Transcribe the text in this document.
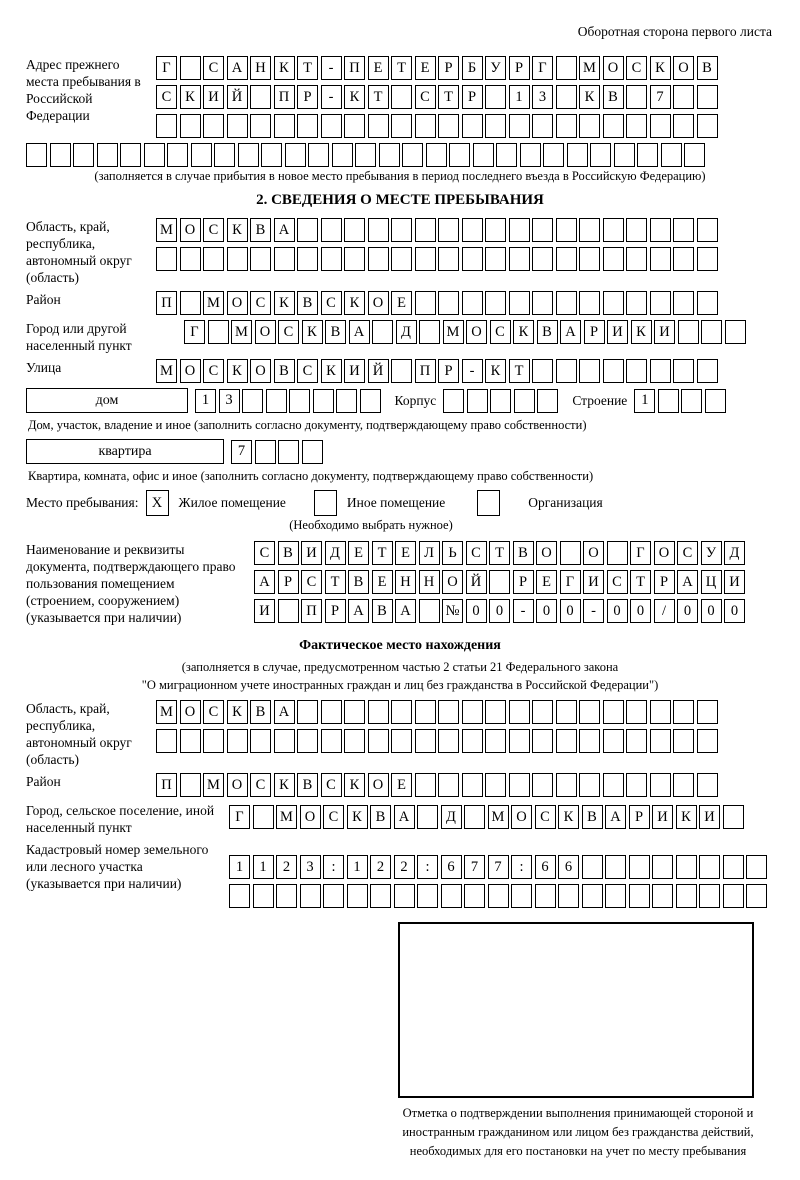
Оборотная сторона первого листа
Адрес прежнего места пребывания в Российской Федерации
Г	С А Н К Т	-	П Е	Т	Е	Р	Б У Р	Г	М О С К О В
С К И Й	П Р	-	К Т	С Т	Р	1	3	К В	7
(заполняется в случае прибытия в новое место пребывания в период последнего въезда в Российскую Федерацию)
2. СВЕДЕНИЯ О МЕСТЕ ПРЕБЫВАНИЯ
Область, край, республика, автономный округ (область)
М О С К В А
Район	П	М О С К В С К О Е
Город или другой населенный пункт
Г	М О С К В А	Д	М О С К В А Р И К И
Улица	М О С К О В С К И Й	П Р	-	К Т
дом	1	3	Корпус	Строение 1
Дом, участок, владение и иное (заполнить согласно документу, подтверждающему право собственности)
квартира	7
Квартира, комната, офис и иное (заполнить согласно документу, подтверждающему право собственности)
Место пребывания: X	Жилое помещение	Иное помещение	Организация
(Необходимо выбрать нужное)
Наименование и реквизиты документа, подтверждающего право пользования помещением (строением, сооружением) (указывается при наличии)
С В И Д Е	Т	Е Л Ь	С Т В О	О	Г О С У Д
А Р	С Т В Е Н Н О Й	Р	Е	Г И С Т	Р А Ц И
И	П Р А В А	№ 0	0	-	0	0	-	0	0	/	0	0	0
Фактическое место нахождения
(заполняется в случае, предусмотренном частью 2 статьи 21 Федерального закона
"О миграционном учете иностранных граждан и лиц без гражданства в Российской Федерации")
Область, край, республика, автономный округ (область)
М О С К В А
Район	П	М О С К В С К О Е
Город, сельское поселение, иной населенный пункт
Г	М О С К В А	Д	М О С К В А Р И К И
Кадастровый номер земельного или лесного участка (указывается при наличии)
1	1	2	3	:	1	2	2	:	6	7	7	:	6	6
Отметка о подтверждении выполнения принимающей стороной и иностранным гражданином или лицом без гражданства действий, необходимых для его постановки на учет по месту пребывания
